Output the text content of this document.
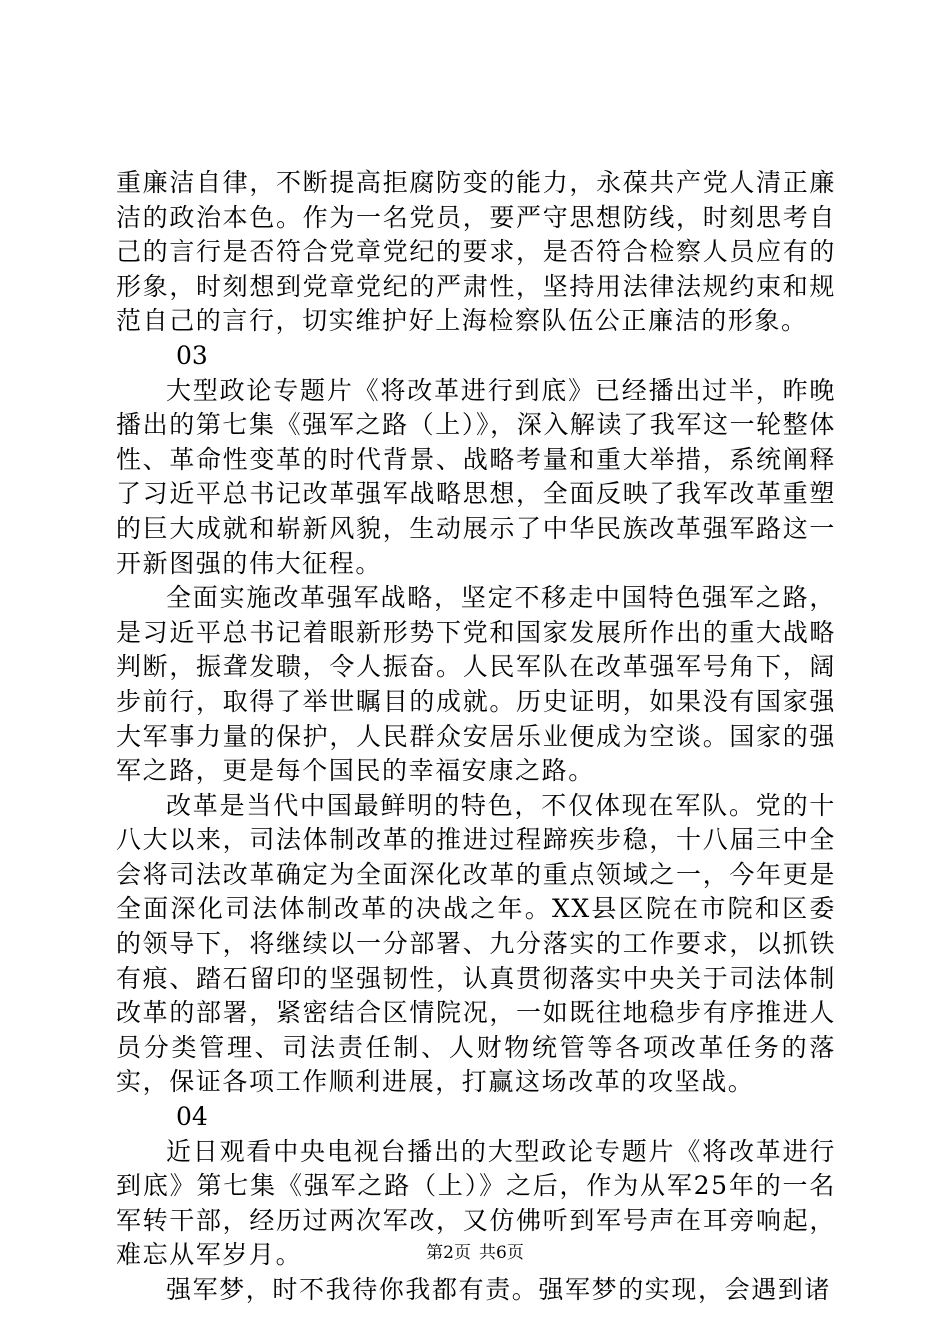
重廉洁自律，不断提高拒腐防变的能力，永葆共产党人清正廉洁的政治本色。作为一名党员，要严守思想防线，时刻思考自己的言行是否符合党章党纪的要求，是否符合检察人员应有的形象，时刻想到党章党纪的严肃性，坚持用法律法规约束和规范自己的言行，切实维护好上海检察队伍公正廉洁的形象。

03

大型政论专题片《将改革进行到底》已经播出过半，昨晚播出的第七集《强军之路（上）》，深入解读了我军这一轮整体性、革命性变革的时代背景、战略考量和重大举措，系统阐释了习近平总书记改革强军战略思想，全面反映了我军改革重塑的巨大成就和崭新风貌，生动展示了中华民族改革强军路这一开新图强的伟大征程。

全面实施改革强军战略，坚定不移走中国特色强军之路，是习近平总书记着眼新形势下党和国家发展所作出的重大战略判断，振聋发聩，令人振奋。人民军队在改革强军号角下，阔步前行，取得了举世瞩目的成就。历史证明，如果没有国家强大军事力量的保护，人民群众安居乐业便成为空谈。国家的强军之路，更是每个国民的幸福安康之路。

改革是当代中国最鲜明的特色，不仅体现在军队。党的十八大以来，司法体制改革的推进过程蹄疾步稳，十八届三中全会将司法改革确定为全面深化改革的重点领域之一，今年更是全面深化司法体制改革的决战之年。XX县区院在市院和区委的领导下，将继续以一分部署、九分落实的工作要求，以抓铁有痕、踏石留印的坚强韧性，认真贯彻落实中央关于司法体制改革的部署，紧密结合区情院况，一如既往地稳步有序推进人员分类管理、司法责任制、人财物统管等各项改革任务的落实，保证各项工作顺利进展，打赢这场改革的攻坚战。

04

近日观看中央电视台播出的大型政论专题片《将改革进行到底》第七集《强军之路（上）》之后，作为从军25年的一名军转干部，经历过两次军改，又仿佛听到军号声在耳旁响起，难忘从军岁月。

强军梦，时不我待你我都有责。强军梦的实现，会遇到诸

第2页 共6页
